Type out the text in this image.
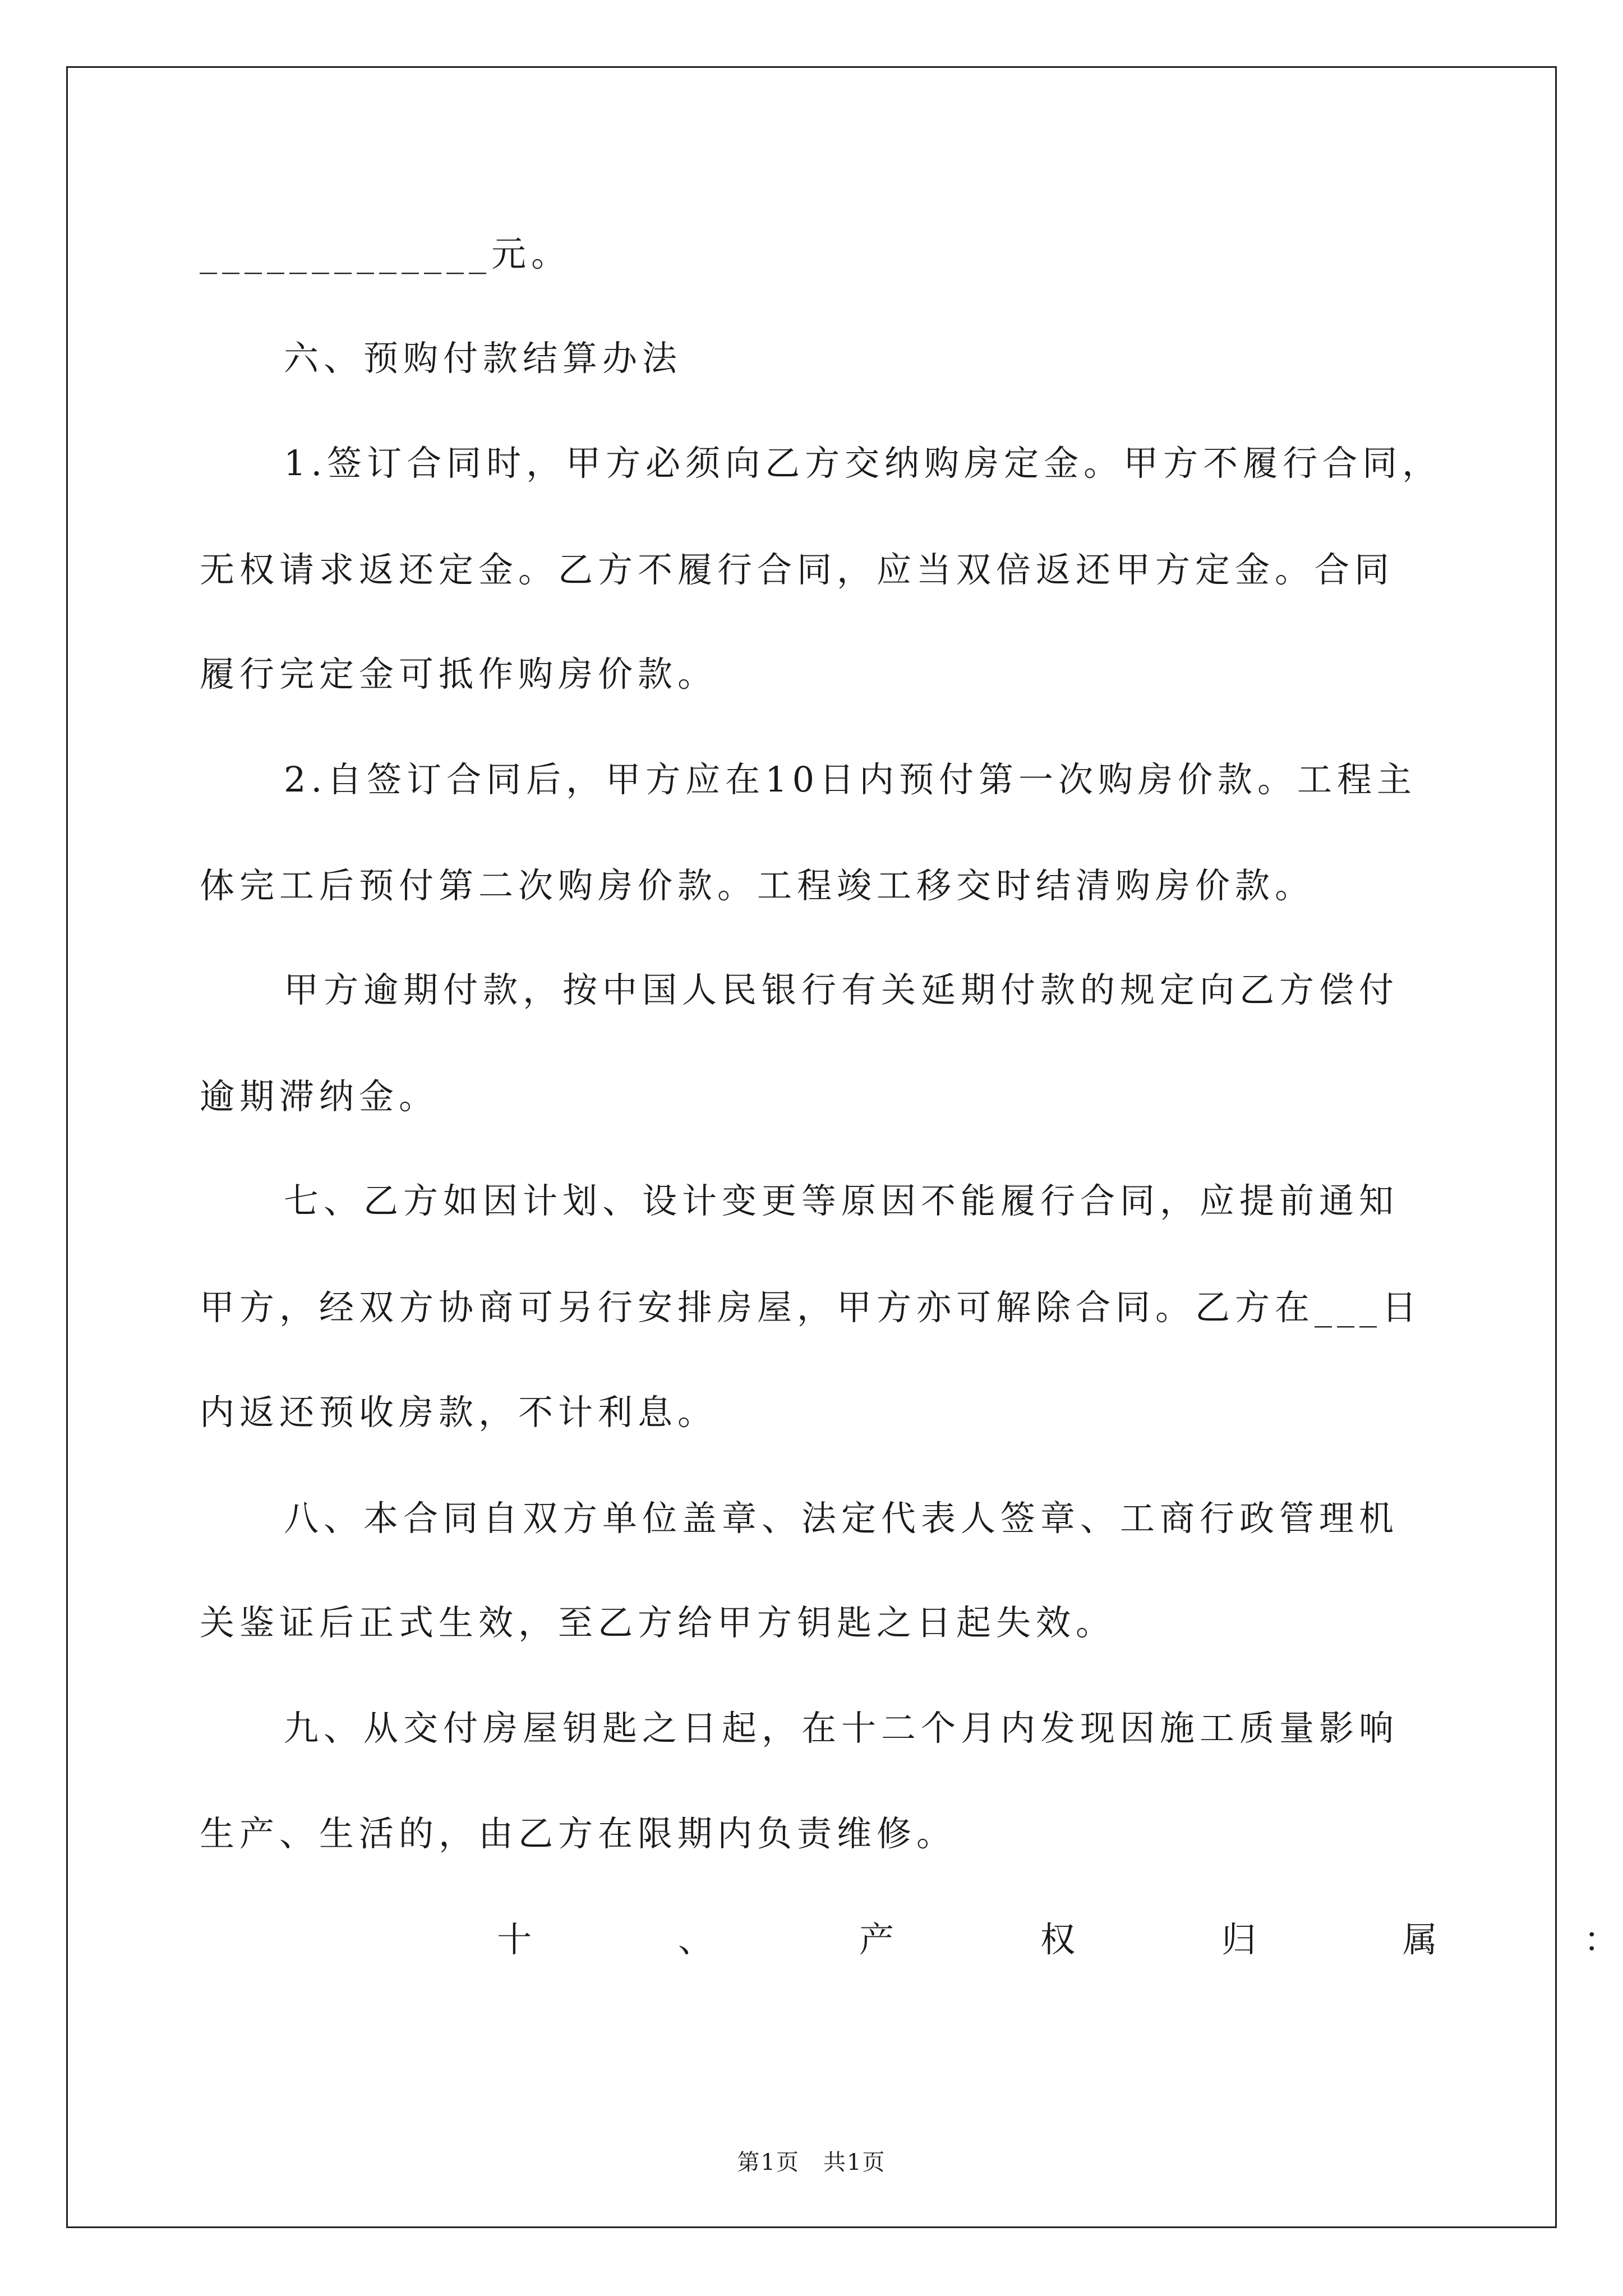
_____________元。
六、预购付款结算办法
1.签订合同时，甲方必须向乙方交纳购房定金。甲方不履行合同，
无权请求返还定金。乙方不履行合同，应当双倍返还甲方定金。合同
履行完定金可抵作购房价款。
2.自签订合同后，甲方应在10日内预付第一次购房价款。工程主
体完工后预付第二次购房价款。工程竣工移交时结清购房价款。
甲方逾期付款，按中国人民银行有关延期付款的规定向乙方偿付
逾期滞纳金。
七、乙方如因计划、设计变更等原因不能履行合同，应提前通知
甲方，经双方协商可另行安排房屋，甲方亦可解除合同。乙方在___日
内返还预收房款，不计利息。
八、本合同自双方单位盖章、法定代表人签章、工商行政管理机
关鉴证后正式生效，至乙方给甲方钥匙之日起失效。
九、从交付房屋钥匙之日起，在十二个月内发现因施工质量影响
生产、生活的，由乙方在限期内负责维修。
十	、	产	权	归	属	：
第1页　共1页
